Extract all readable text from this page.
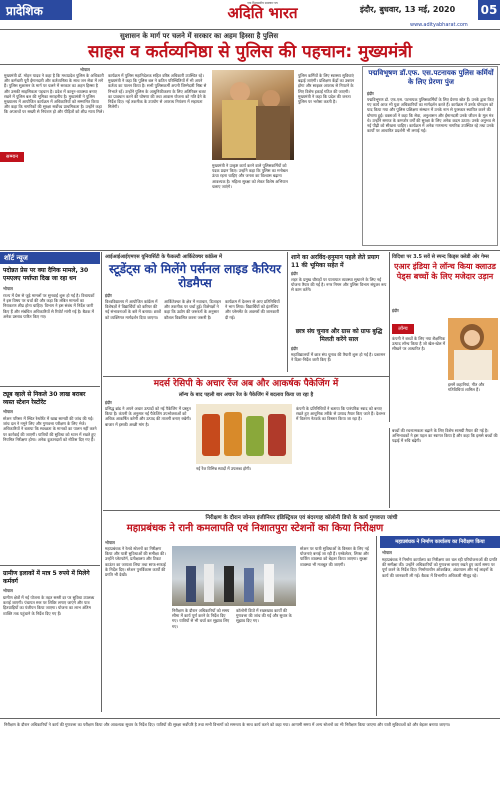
प्रादेशिक
एक विश्वसनीय समाचार पत्र
अदिति भारत	इंदौर, बुधवार, 13 मई, 2020 05
www.adityabharat.com
सुशासन के मार्ग पर चलने में सरकार का अहम हिस्सा है पुलिस
साहस व कर्तव्यनिष्ठा से पुलिस की पहचान: मुख्यमंत्री
भोपाल
सम्मान
मुख्यमंत्री डॉ. मोहन यादव ने कहा है कि मध्यप्रदेश पुलिस के अधिकारी और कर्मचारी पूरी ईमानदारी और कर्तव्यनिष्ठा के साथ जन सेवा में लगे हैं। पुलिस सुशासन के मार्ग पर चलने में सरकार का अहम हिस्सा है और उसकी साहसिकता पहचान है। प्रदेश में कानून-व्यवस्था बनाए रखने में पुलिस बल की भूमिका सराहनीय है। मुख्यमंत्री ने पुलिस मुख्यालय में आयोजित कार्यक्रम में अधिकारियों को सम्मानित किया और कहा कि नागरिकों की सुरक्षा सर्वोच्च प्राथमिकता है। उन्होंने कहा कि अपराधों पर सख्ती से नियंत्रण हो और पीड़ितों को शीघ्र न्याय मिले।
कार्यक्रम में पुलिस महानिदेशक सहित वरिष्ठ अधिकारी उपस्थित रहे। मुख्यमंत्री ने कहा कि पुलिस बल ने कठिन परिस्थितियों में भी अपने कर्तव्य का पालन किया है। सभी पुलिसकर्मी अपनी जिम्मेदारी निष्ठा से निभाते रहें। उन्होंने पुलिस के आधुनिकीकरण के लिए अतिरिक्त बजट का प्रावधान करने की घोषणा की तथा आवास योजना को गति देने के निर्देश दिए। नई तकनीक के उपयोग से अपराध नियंत्रण में सहायता मिलेगी।
मुख्यमंत्री ने उत्कृष्ट कार्य करने वाले पुलिसकर्मियों को पदक प्रदान किए। उन्होंने कहा कि पुलिस का मनोबल ऊंचा रहना चाहिए और जनता का विश्वास बढ़ाना आवश्यक है। महिला सुरक्षा को लेकर विशेष अभियान चलाए जाएंगे।
पुलिस कर्मियों के लिए स्वास्थ्य सुविधाएं बढ़ाई जाएंगी। प्रशिक्षण केंद्रों का उन्नयन होगा और साइबर अपराध से निपटने के लिए विशेष इकाई गठित की जाएगी। मुख्यमंत्री ने कहा कि प्रदेश की जनता पुलिस पर भरोसा करती है।
पद्मविभूषण डॉ.एफ. एस.पटनायक पुलिस कर्मियों के लिए प्रेरणा पुंज
इंदौर
पद्मविभूषण डॉ. एफ.एस. पटनायक पुलिसकर्मियों के लिए प्रेरणा स्रोत हैं। उनके द्वारा किए गए कार्य आज भी युवा अधिकारियों का मार्गदर्शन करते हैं। कार्यक्रम में उनके योगदान को याद किया गया और पुलिस प्रशिक्षण संस्थान में उनके नाम से पुरस्कार स्थापित करने की घोषणा हुई। वक्ताओं ने कहा कि सेवा, अनुशासन और ईमानदारी उनके जीवन के मूल मंत्र थे। उन्होंने समाज के कमजोर वर्गों की सुरक्षा के लिए अनेक कदम उठाए। उनके अनुभव से नई पीढ़ी को सीखना चाहिए। कार्यक्रम में अनेक गणमान्य नागरिक उपस्थित रहे तथा उनके कार्यों पर आधारित प्रदर्शनी भी लगाई गई।
शॉर्ट न्यूज
पदोन्नत प्रेस पर क्या दैनिक मामले, 30 एमएलए पर्याप्ता दिख जा रहा धन
भोपाल
राज्य में प्रेस से जुड़े मामलों पर सुनवाई शुरू हो गई है। विधायकों ने इस विषय पर चर्चा की और कहा कि लंबित मामलों का निराकरण शीघ्र होना चाहिए। विभाग ने इस संबंध में निर्देश जारी किए हैं और संबंधित अधिकारियों से रिपोर्ट मांगी गई है। बैठक में अनेक प्रस्ताव पारित किए गए।
ट्यूब व्हाले से निकले 30 लाख बराबर व्यस्त स्टेशन रेस्टोरेंट
भोपाल
स्टेशन परिसर में स्थित रेस्टोरेंट में खाद्य सामग्री की जांच की गई। जांच दल ने नमूने लिए और गुणवत्ता परीक्षण के लिए भेजे। अधिकारियों ने बताया कि स्वच्छता के मानकों का पालन नहीं करने पर कार्रवाई की जाएगी। यात्रियों की सुविधा को ध्यान में रखते हुए नियमित निरीक्षण होगा। अनेक दुकानदारों को नोटिस दिए गए हैं।
ग्रामीण इलाकों में मात्र 5 रुपये में मिलेगे कर्मवर्ग
भोपाल
ग्रामीण क्षेत्रों में नई योजना के तहत सस्ती दर पर सुविधा उपलब्ध कराई जाएगी। पंचायत स्तर पर शिविर लगाए जाएंगे और पात्र हितग्राहियों का पंजीयन किया जाएगा। योजना का लाभ अंतिम व्यक्ति तक पहुंचाने के निर्देश दिए गए हैं।
आईआईआईएमएस यूनिवर्सिटी के फैकल्टी आर्किटेक्चर कांफ्रेंस में
स्टूडेंट्स को मिलेंगे पर्सनल लाइड कैरियर रोडमैप्स
इंदौर
विश्वविद्यालय में आयोजित कांफ्रेंस में विशेषज्ञों ने विद्यार्थियों को करियर की नई संभावनाओं के बारे में बताया। छात्रों को व्यक्तिगत मार्गदर्शन दिया जाएगा।
आर्किटेक्चर के क्षेत्र में नवाचार, डिजाइन और तकनीक पर चर्चा हुई। विशेषज्ञों ने कहा कि उद्योग की जरूरतों के अनुसार कौशल विकसित करना जरूरी है।
कार्यक्रम में देशभर से आए प्रतिनिधियों ने भाग लिया। विद्यार्थियों को इंटर्नशिप और प्लेसमेंट के अवसरों की जानकारी दी गई।
शाने का अरविंद-हनुमान पहले लेते प्रयाग 11 की भूमिका सहेत में
इंदौर
शहर के प्रमुख चौराहों पर यातायात व्यवस्था सुधारने के लिए नई योजना तैयार की गई है। नगर निगम और पुलिस विभाग संयुक्त रूप से काम करेंगे।
छात्र संघ चुनाव और ग्रास को ग्राफ बुद्धि मिलती करेंगे साल
इंदौर
महाविद्यालयों में छात्र संघ चुनाव की तैयारी शुरू हो गई है। प्रशासन ने दिशा-निर्देश जारी किए हैं।
विदिशा पर 3.5 सवें से स्पन्द किड्स क्लेडी ओर गेम्स
एआर इंडिया ने लॉन्च किया क्लाउड पेड्स बच्चों के लिए मजेदार उड़ान
लॉन्च
इंदौर
कंपनी ने बच्चों के लिए नया शैक्षणिक उत्पाद लॉन्च किया है जो खेल-खेल में सीखने पर आधारित है।
इसमें कहानियां, गीत और गतिविधियां शामिल हैं।
मदर्स रेसिपी के अचार रेंज अब और आकर्षक पैकेजिंग में
लॉन्च के बाद पहली बार अचार रेंज के पैकेजिंग में बदलाव किया जा रहा है
इंदौर
प्रसिद्ध ब्रांड ने अपने अचार उत्पादों को नई पैकेजिंग में प्रस्तुत किया है। कंपनी के अनुसार नई पैकेजिंग उपभोक्ताओं को अधिक आकर्षित करेगी और उत्पाद की ताजगी बनाए रखेगी। बाजार में इसकी अच्छी मांग है।
नई रेंज विभिन्न स्वादों में उपलब्ध होगी।
कंपनी के प्रतिनिधियों ने बताया कि पारंपरिक स्वाद को बनाए रखते हुए आधुनिक तरीके से उत्पाद तैयार किए जाते हैं। देशभर में वितरण नेटवर्क का विस्तार किया जा रहा है।
बच्चों की रचनात्मकता बढ़ाने के लिए विशेष सामग्री तैयार की गई है। अभिभावकों ने इस पहल का स्वागत किया है और कहा कि इससे बच्चों की पढ़ाई में रुचि बढ़ेगी।
निरीक्षण के दौरान जोनल इंजीनियर इंडिस्ट्रियल एवं बंदरगाह कॉलोनी डिपो के कार्य गुणवत्ता जांची
महाप्रबंधक ने रानी कमलापति एवं निशातपुरा स्टेशनों का किया निरीक्षण
भोपाल
महाप्रबंधक ने रेलवे स्टेशनों का निरीक्षण किया और यात्री सुविधाओं की समीक्षा की। उन्होंने प्लेटफॉर्म, प्रतीक्षालय और टिकट काउंटर का जायजा लिया तथा साफ-सफाई के निर्देश दिए। स्टेशन पुनर्विकास कार्यों की प्रगति भी देखी।
निरीक्षण के दौरान अधिकारियों को समय सीमा में कार्य पूर्ण करने के निर्देश दिए गए। यात्रियों से भी चर्चा कर सुझाव लिए गए।
कॉलोनी डिपो में रखरखाव कार्यों की गुणवत्ता की जांच की गई और सुधार के सुझाव दिए गए।
स्टेशन पर यात्री सुविधाओं के विस्तार के लिए नई योजनाएं बनाई जा रही हैं। एस्केलेटर, लिफ्ट और पार्किंग व्यवस्था को बेहतर किया जाएगा। सुरक्षा व्यवस्था भी मजबूत की जाएगी।
महाप्रबंधक ने निर्माण कार्यालय का निरीक्षण किया
भोपाल
महाप्रबंधक ने निर्माण कार्यालय का निरीक्षण कर चल रही परियोजनाओं की प्रगति की समीक्षा की। उन्होंने अधिकारियों को गुणवत्ता बनाए रखते हुए कार्य समय पर पूर्ण करने के निर्देश दिए। निर्माणाधीन ओवरब्रिज, अंडरपास और नई लाइनों के कार्य की जानकारी ली गई। बैठक में विभागीय अधिकारी मौजूद रहे।
निरीक्षण के दौरान अधिकारियों ने कार्य की गुणवत्ता का परीक्षण किया और आवश्यक सुधार के निर्देश दिए। यात्रियों की सुरक्षा सर्वोपरि है तथा सभी विभागों को समन्वय के साथ कार्य करने को कहा गया। आगामी समय में अन्य स्टेशनों का भी निरीक्षण किया जाएगा और यात्री सुविधाओं को और बेहतर बनाया जाएगा।
